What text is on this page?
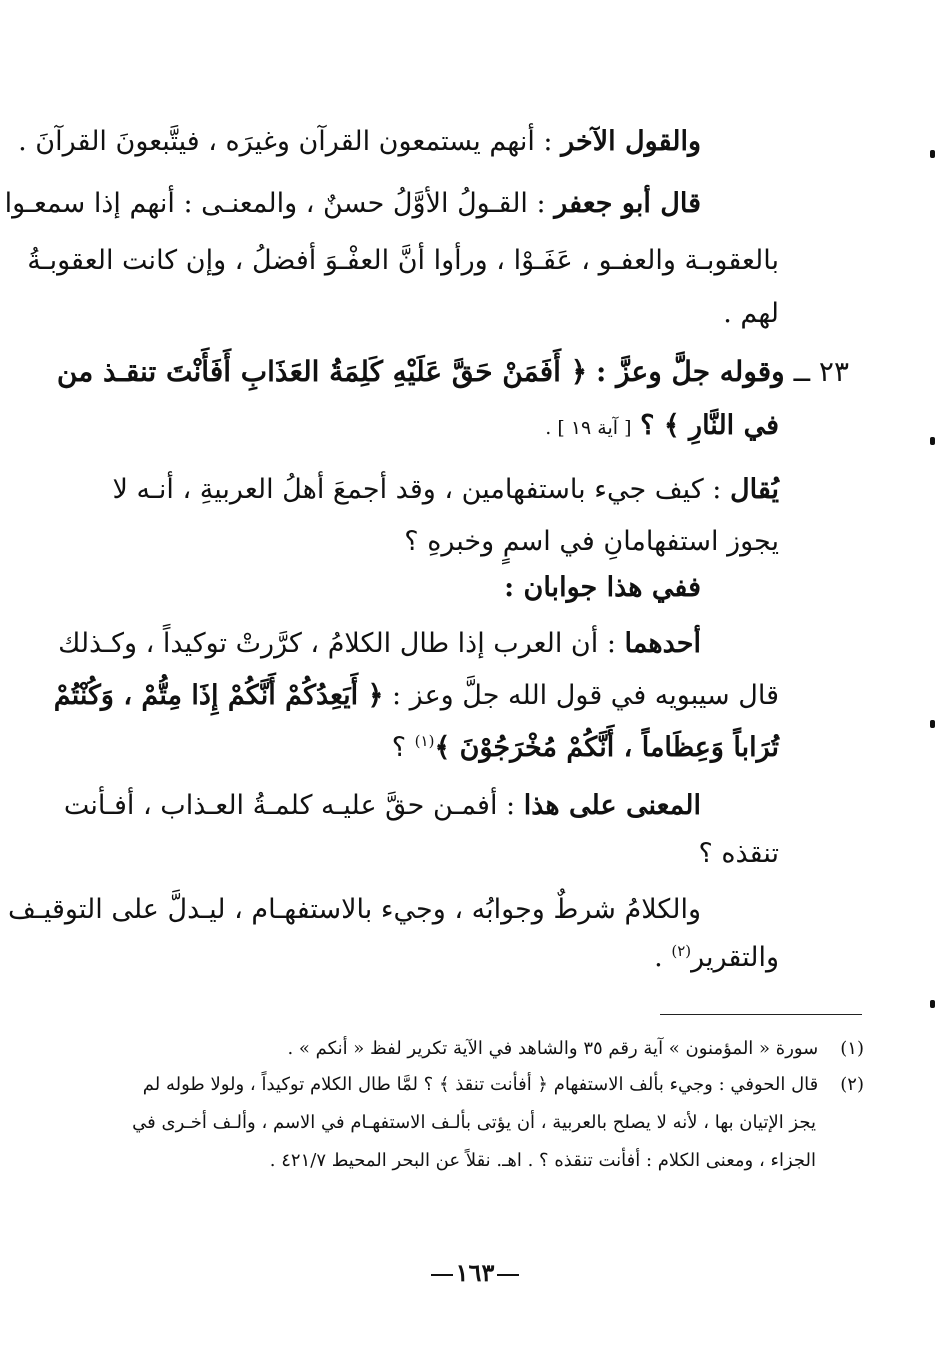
والقول الآخر : أنهم يستمعون القرآن وغيرَه ، فيتَّبعونَ القرآنَ .
قال أبو جعفر : القـولُ الأوَّلُ حسنٌ ، والمعنـى : أنهم إذا سمعـوا
بالعقوبـة والعفـو ، عَفَـوْا ، ورأوا أنَّ العفْـوَ أفضلُ ، وإن كانت العقوبـةُ
لهم .
٢٣ ــ وقوله جلَّ وعزَّ : ﴿ أَفَمَنْ حَقَّ عَلَيْهِ كَلِمَةُ العَذَابِ أَفَأَنْتَ تنقـذ من
في النَّارِ ﴾ ؟ [ آية ١٩ ] .
يُقال : كيف جيء باستفهامين ، وقد أجمعَ أهلُ العربيةِ ، أنـه لا
يجوز استفهامانِ في اسمٍ وخبرهِ ؟
ففي هذا جوابان :
أحدهما : أن العرب إذا طال الكلامُ ، كرَّرتْ توكيداً ، وكـذلك
قال سيبويه في قول الله جلَّ وعز : ﴿ أَيَعِدُكُمْ أَنَّكُمْ إِذَا مِتُّمْ ، وَكُنْتُمْ
تُرَاباً وَعِظَاماً ، أَنَّكُمْ مُخْرَجُوْنَ ﴾$^{(١)}$ ؟
المعنى على هذا : أفمـن حقَّ عليـه كلمـةُ العـذاب ، أفـأنت
تنقذه ؟
والكلامُ شرطٌ وجوابُه ، وجيء بالاستفهـام ، ليـدلَّ على التوقيـف
والتقرير$^{(٢)}$ .
(١) سورة « المؤمنون » آية رقم ٣٥ والشاهد في الآية تكرير لفظ « أنكم » .
(٢) قال الحوفي : وجيء بألف الاستفهام ﴿ أفأنت تنقذ ﴾ ؟ لمَّا طال الكلام توكيداً ، ولولا طوله لم
يجز الإتيان بها ، لأنه لا يصلح بالعربية ، أن يؤتى بألـف الاستفهـام في الاسم ، وألـف أخـرى في
الجزاء ، ومعنى الكلام : أفأنت تنقذه ؟ . اهـ. نقلاً عن البحر المحيط ٤٢١/٧ .
١٦٣
